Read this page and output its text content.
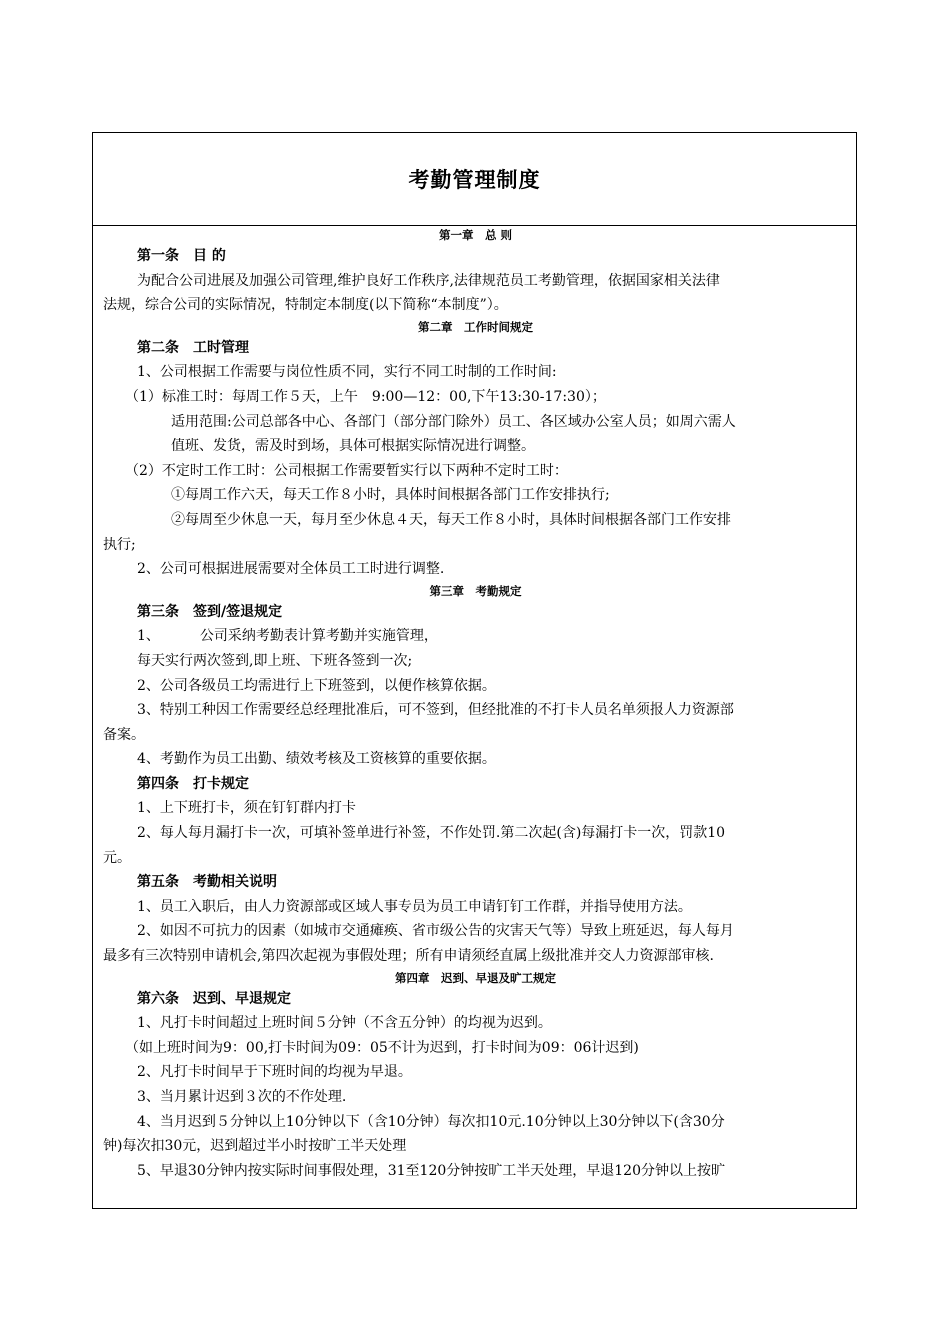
考勤管理制度
第一章　总 则
第一条　目 的
为配合公司进展及加强公司管理,维护良好工作秩序,法律规范员工考勤管理，依据国家相关法律
法规，综合公司的实际情况，特制定本制度(以下简称“本制度”）。
第二章　工作时间规定
第二条　工时管理
1、公司根据工作需要与岗位性质不同，实行不同工时制的工作时间:
（1）标准工时：每周工作５天，上午　9:00—12：00,下午13:30-17:30）；
适用范围:公司总部各中心、各部门（部分部门除外）员工、各区域办公室人员；如周六需人
值班、发货，需及时到场，具体可根据实际情况进行调整。
（2）不定时工作工时：公司根据工作需要暂实行以下两种不定时工时：
①每周工作六天，每天工作８小时，具体时间根据各部门工作安排执行;
②每周至少休息一天，每月至少休息４天，每天工作８小时，具体时间根据各部门工作安排
执行;
2、公司可根据进展需要对全体员工工时进行调整.
第三章　考勤规定
第三条　签到/签退规定
1、	公司采纳考勤表计算考勤并实施管理，
每天实行两次签到,即上班、下班各签到一次;
2、公司各级员工均需进行上下班签到，以便作核算依据。
3、特别工种因工作需要经总经理批准后，可不签到，但经批准的不打卡人员名单须报人力资源部
备案。
4、考勤作为员工出勤、绩效考核及工资核算的重要依据。
第四条　打卡规定
1、上下班打卡，须在钉钉群内打卡
2、每人每月漏打卡一次，可填补签单进行补签，不作处罚.第二次起(含)每漏打卡一次，罚款10
元。
第五条　考勤相关说明
1、员工入职后，由人力资源部或区域人事专员为员工申请钉钉工作群，并指导使用方法。
2、如因不可抗力的因素（如城市交通瘫痪、省市级公告的灾害天气等）导致上班延迟，每人每月
最多有三次特别申请机会,第四次起视为事假处理；所有申请须经直属上级批准并交人力资源部审核.
第四章　迟到、早退及旷工规定
第六条　迟到、早退规定
1、凡打卡时间超过上班时间５分钟（不含五分钟）的均视为迟到。
（如上班时间为9：00,打卡时间为09：05不计为迟到，打卡时间为09：06计迟到)
2、凡打卡时间早于下班时间的均视为早退。
3、当月累计迟到３次的不作处理.
4、当月迟到５分钟以上10分钟以下（含10分钟）每次扣10元.10分钟以上30分钟以下(含30分
钟)每次扣30元，迟到超过半小时按旷工半天处理
5、早退30分钟内按实际时间事假处理，31至120分钟按旷工半天处理，早退120分钟以上按旷
